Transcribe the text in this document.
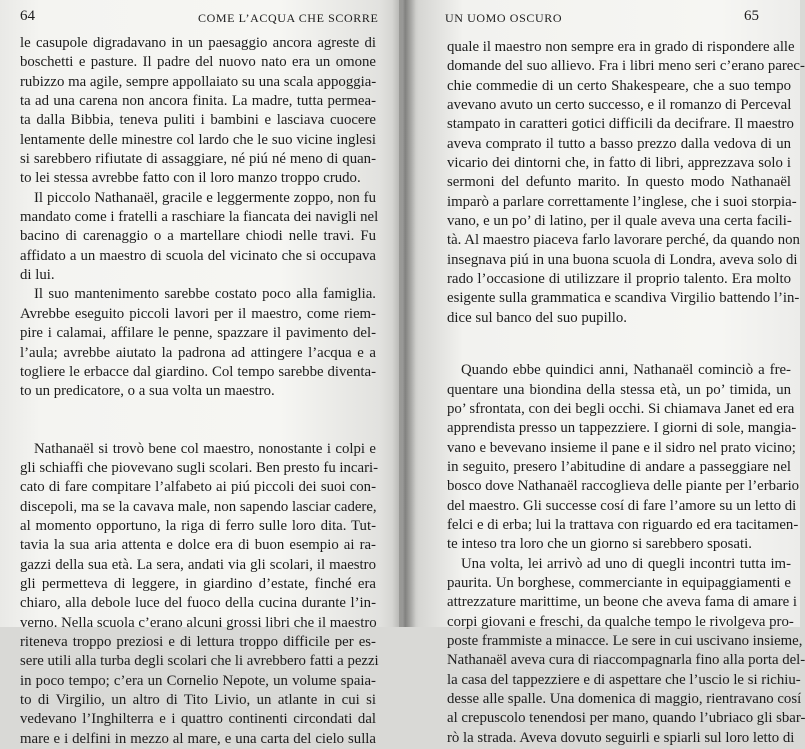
64	COME L’ACQUA CHE SCORRE
le casupole digradavano in un paesaggio ancora agreste di
boschetti e pasture. Il padre del nuovo nato era un omone
rubizzo ma agile, sempre appollaiato su una scala appoggia-
ta ad una carena non ancora finita. La madre, tutta permea-
ta dalla Bibbia, teneva puliti i bambini e lasciava cuocere
lentamente delle minestre col lardo che le suo vicine inglesi
si sarebbero rifiutate di assaggiare, né piú né meno di quan-
to lei stessa avrebbe fatto con il loro manzo troppo crudo.
Il piccolo Nathanaël, gracile e leggermente zoppo, non fu
mandato come i fratelli a raschiare la fiancata dei navigli nel
bacino di carenaggio o a martellare chiodi nelle travi. Fu
affidato a un maestro di scuola del vicinato che si occupava
di lui.
Il suo mantenimento sarebbe costato poco alla famiglia.
Avrebbe eseguito piccoli lavori per il maestro, come riem-
pire i calamai, affilare le penne, spazzare il pavimento del-
l’aula; avrebbe aiutato la padrona ad attingere l’acqua e a
togliere le erbacce dal giardino. Col tempo sarebbe diventa-
to un predicatore, o a sua volta un maestro.
Nathanaël si trovò bene col maestro, nonostante i colpi e
gli schiaffi che piovevano sugli scolari. Ben presto fu incari-
cato di fare compitare l’alfabeto ai piú piccoli dei suoi con-
discepoli, ma se la cavava male, non sapendo lasciar cadere,
al momento opportuno, la riga di ferro sulle loro dita. Tut-
tavia la sua aria attenta e dolce era di buon esempio ai ra-
gazzi della sua età. La sera, andati via gli scolari, il maestro
gli permetteva di leggere, in giardino d’estate, finché era
chiaro, alla debole luce del fuoco della cucina durante l’in-
verno. Nella scuola c’erano alcuni grossi libri che il maestro
riteneva troppo preziosi e di lettura troppo difficile per es-
sere utili alla turba degli scolari che li avrebbero fatti a pezzi
in poco tempo; c’era un Cornelio Nepote, un volume spaia-
to di Virgilio, un altro di Tito Livio, un atlante in cui si
vedevano l’Inghilterra e i quattro continenti circondati dal
mare e i delfini in mezzo al mare, e una carta del cielo sulla
UN UOMO OSCURO	65
quale il maestro non sempre era in grado di rispondere alle
domande del suo allievo. Fra i libri meno seri c’erano parec-
chie commedie di un certo Shakespeare, che a suo tempo
avevano avuto un certo successo, e il romanzo di Perceval
stampato in caratteri gotici difficili da decifrare. Il maestro
aveva comprato il tutto a basso prezzo dalla vedova di un
vicario dei dintorni che, in fatto di libri, apprezzava solo i
sermoni del defunto marito. In questo modo Nathanaël
imparò a parlare correttamente l’inglese, che i suoi storpia-
vano, e un po’ di latino, per il quale aveva una certa facili-
tà. Al maestro piaceva farlo lavorare perché, da quando non
insegnava piú in una buona scuola di Londra, aveva solo di
rado l’occasione di utilizzare il proprio talento. Era molto
esigente sulla grammatica e scandiva Virgilio battendo l’in-
dice sul banco del suo pupillo.
Quando ebbe quindici anni, Nathanaël cominciò a fre-
quentare una biondina della stessa età, un po’ timida, un
po’ sfrontata, con dei begli occhi. Si chiamava Janet ed era
apprendista presso un tappezziere. I giorni di sole, mangia-
vano e bevevano insieme il pane e il sidro nel prato vicino;
in seguito, presero l’abitudine di andare a passeggiare nel
bosco dove Nathanaël raccoglieva delle piante per l’erbario
del maestro. Gli successe cosí di fare l’amore su un letto di
felci e di erba; lui la trattava con riguardo ed era tacitamen-
te inteso tra loro che un giorno si sarebbero sposati.
Una volta, lei arrivò ad uno di quegli incontri tutta im-
paurita. Un borghese, commerciante in equipaggiamenti e
attrezzature marittime, un beone che aveva fama di amare i
corpi giovani e freschi, da qualche tempo le rivolgeva pro-
poste frammiste a minacce. Le sere in cui uscivano insieme,
Nathanaël aveva cura di riaccompagnarla fino alla porta del-
la casa del tappezziere e di aspettare che l’uscio le si richiu-
desse alle spalle. Una domenica di maggio, rientravano cosí
al crepuscolo tenendosi per mano, quando l’ubriaco gli sbar-
rò la strada. Aveva dovuto seguirli e spiarli sul loro letto di
